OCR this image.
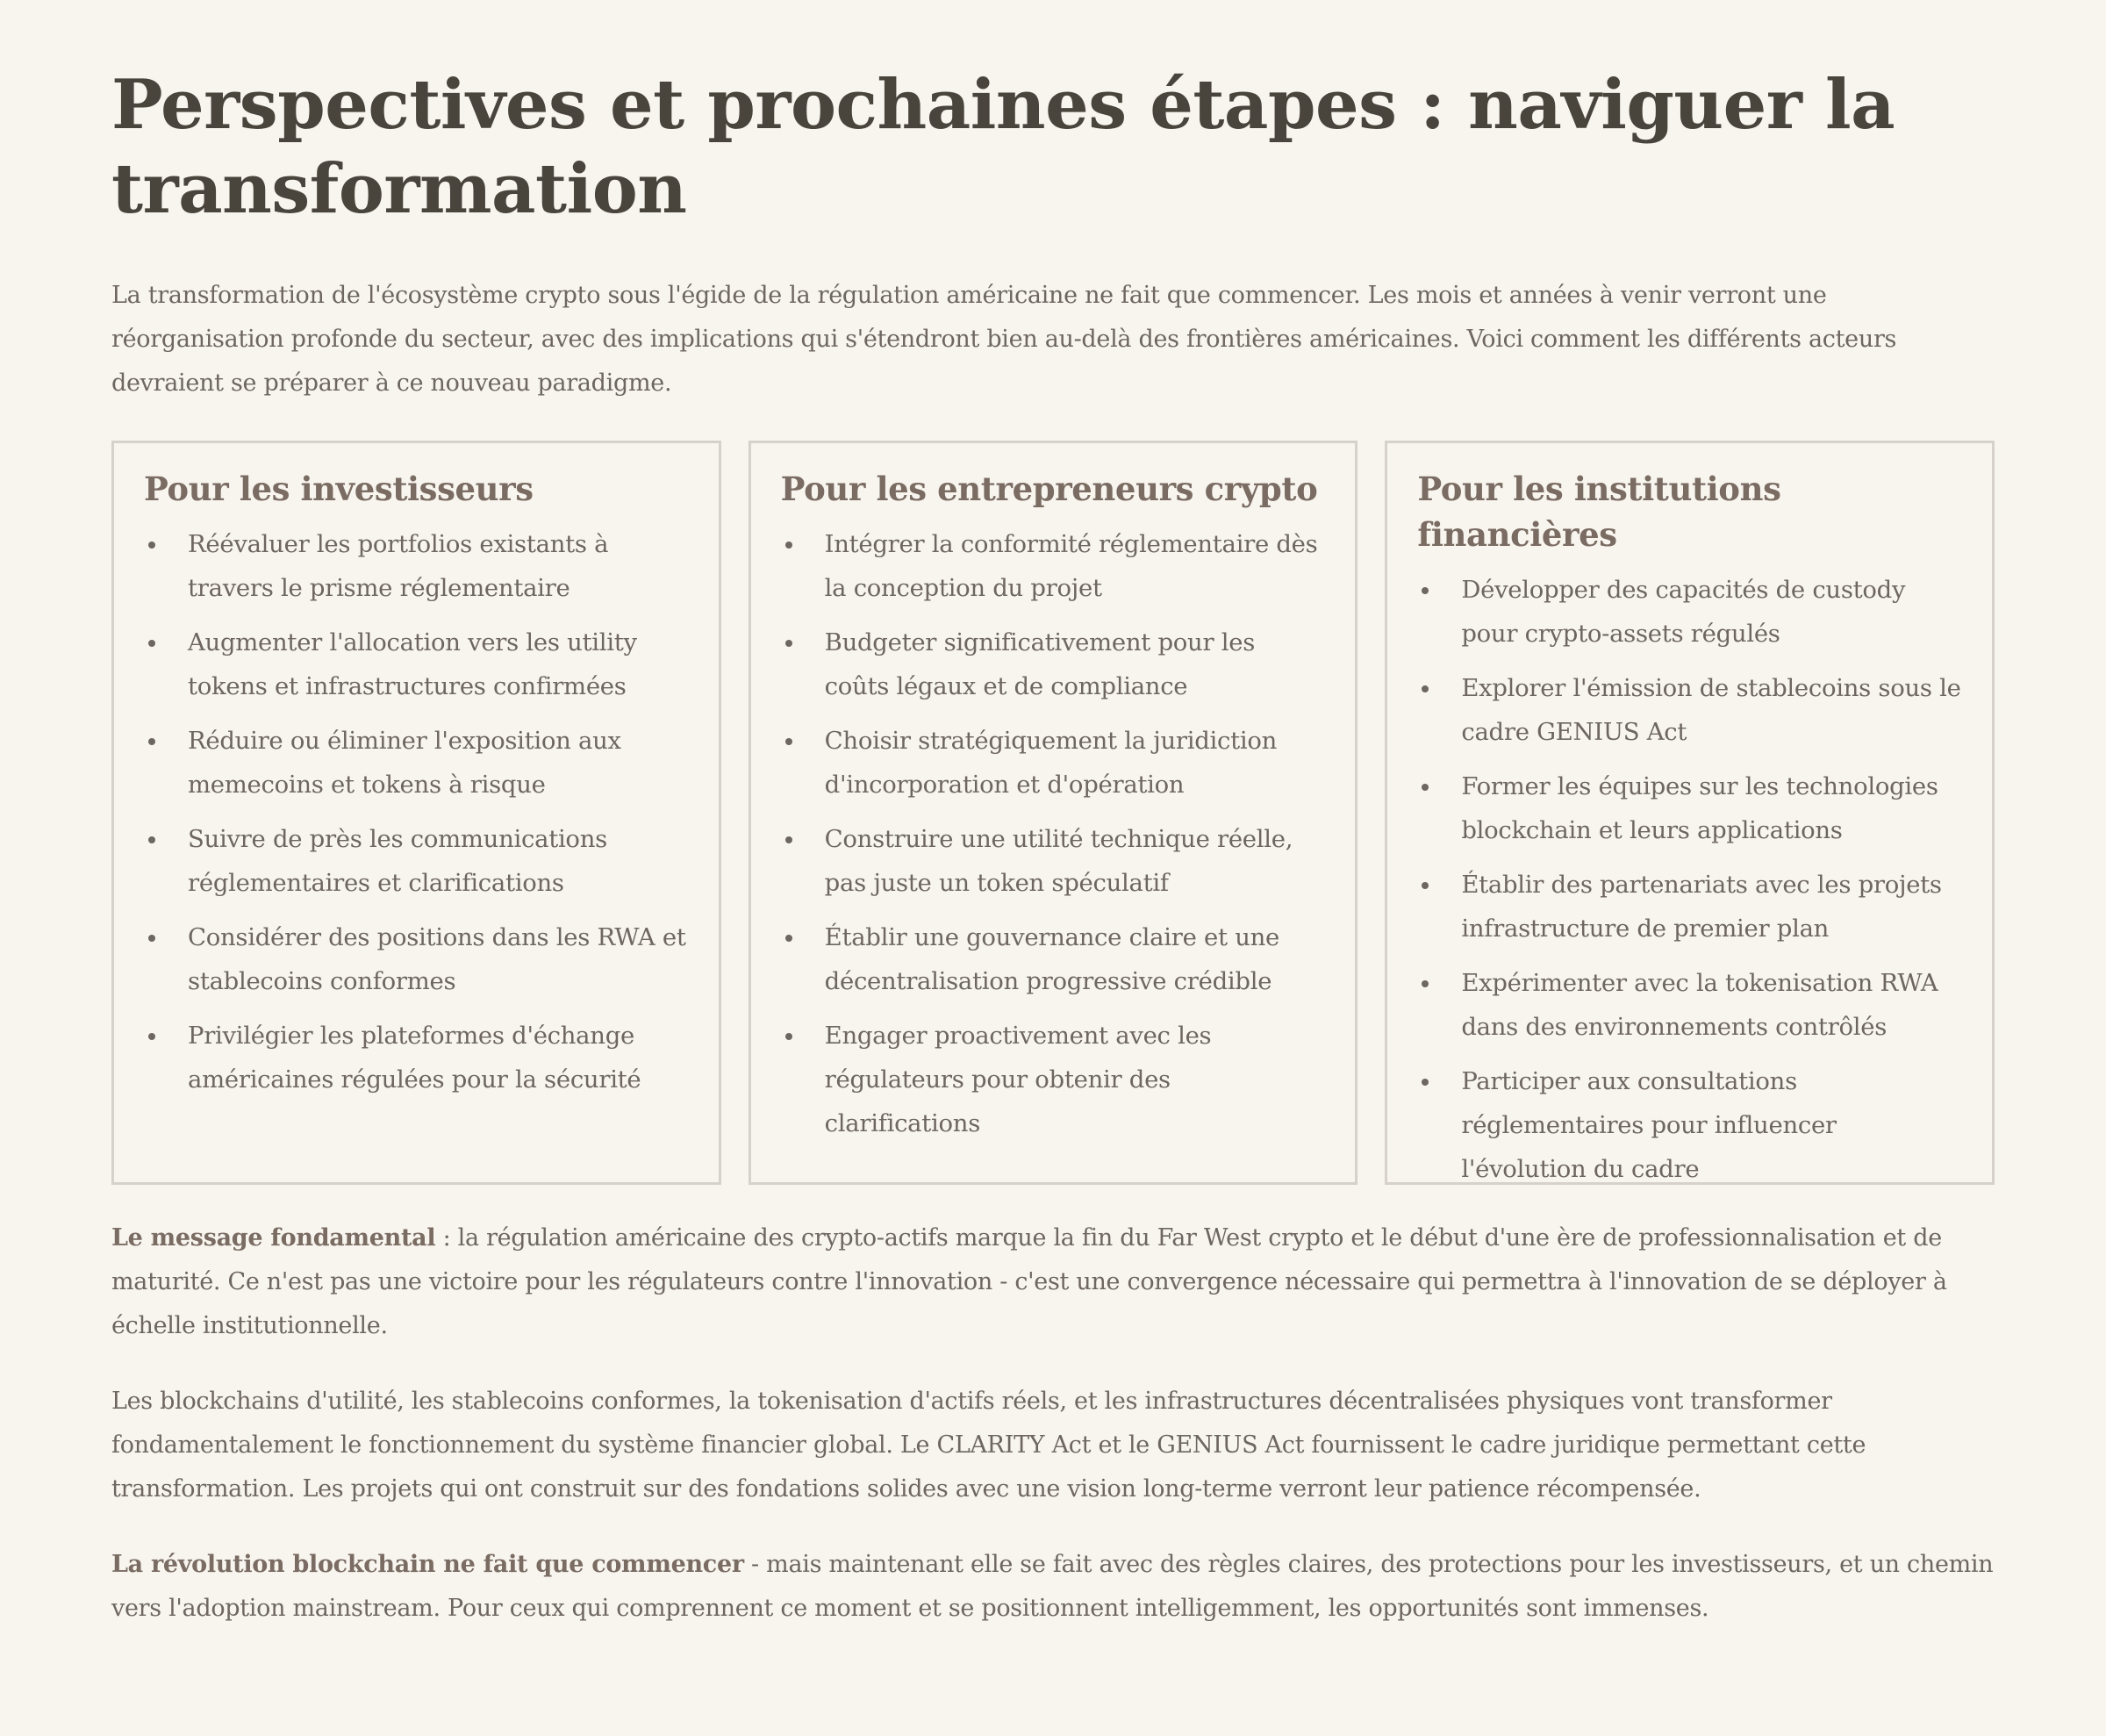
Perspectives et prochaines étapes : naviguer la transformation

La transformation de l'écosystème crypto sous l'égide de la régulation américaine ne fait que commencer. Les mois et années à venir verront une réorganisation profonde du secteur, avec des implications qui s'étendront bien au-delà des frontières américaines. Voici comment les différents acteurs devraient se préparer à ce nouveau paradigme.

Pour les investisseurs
Réévaluer les portfolios existants à travers le prisme réglementaire
Augmenter l'allocation vers les utility tokens et infrastructures confirmées
Réduire ou éliminer l'exposition aux memecoins et tokens à risque
Suivre de près les communications réglementaires et clarifications
Considérer des positions dans les RWA et stablecoins conformes
Privilégier les plateformes d'échange américaines régulées pour la sécurité
Pour les entrepreneurs crypto
Intégrer la conformité réglementaire dès la conception du projet
Budgeter significativement pour les coûts légaux et de compliance
Choisir stratégiquement la juridiction d'incorporation et d'opération
Construire une utilité technique réelle, pas juste un token spéculatif
Établir une gouvernance claire et une décentralisation progressive crédible
Engager proactivement avec les régulateurs pour obtenir des clarifications
Pour les institutions financières
Développer des capacités de custody pour crypto-assets régulés
Explorer l'émission de stablecoins sous le cadre GENIUS Act
Former les équipes sur les technologies blockchain et leurs applications
Établir des partenariats avec les projets infrastructure de premier plan
Expérimenter avec la tokenisation RWA dans des environnements contrôlés
Participer aux consultations réglementaires pour influencer l'évolution du cadre

Le message fondamental : la régulation américaine des crypto-actifs marque la fin du Far West crypto et le début d'une ère de professionnalisation et de maturité. Ce n'est pas une victoire pour les régulateurs contre l'innovation - c'est une convergence nécessaire qui permettra à l'innovation de se déployer à échelle institutionnelle.

Les blockchains d'utilité, les stablecoins conformes, la tokenisation d'actifs réels, et les infrastructures décentralisées physiques vont transformer fondamentalement le fonctionnement du système financier global. Le CLARITY Act et le GENIUS Act fournissent le cadre juridique permettant cette transformation. Les projets qui ont construit sur des fondations solides avec une vision long-terme verront leur patience récompensée.

La révolution blockchain ne fait que commencer - mais maintenant elle se fait avec des règles claires, des protections pour les investisseurs, et un chemin vers l'adoption mainstream. Pour ceux qui comprennent ce moment et se positionnent intelligemment, les opportunités sont immenses.
